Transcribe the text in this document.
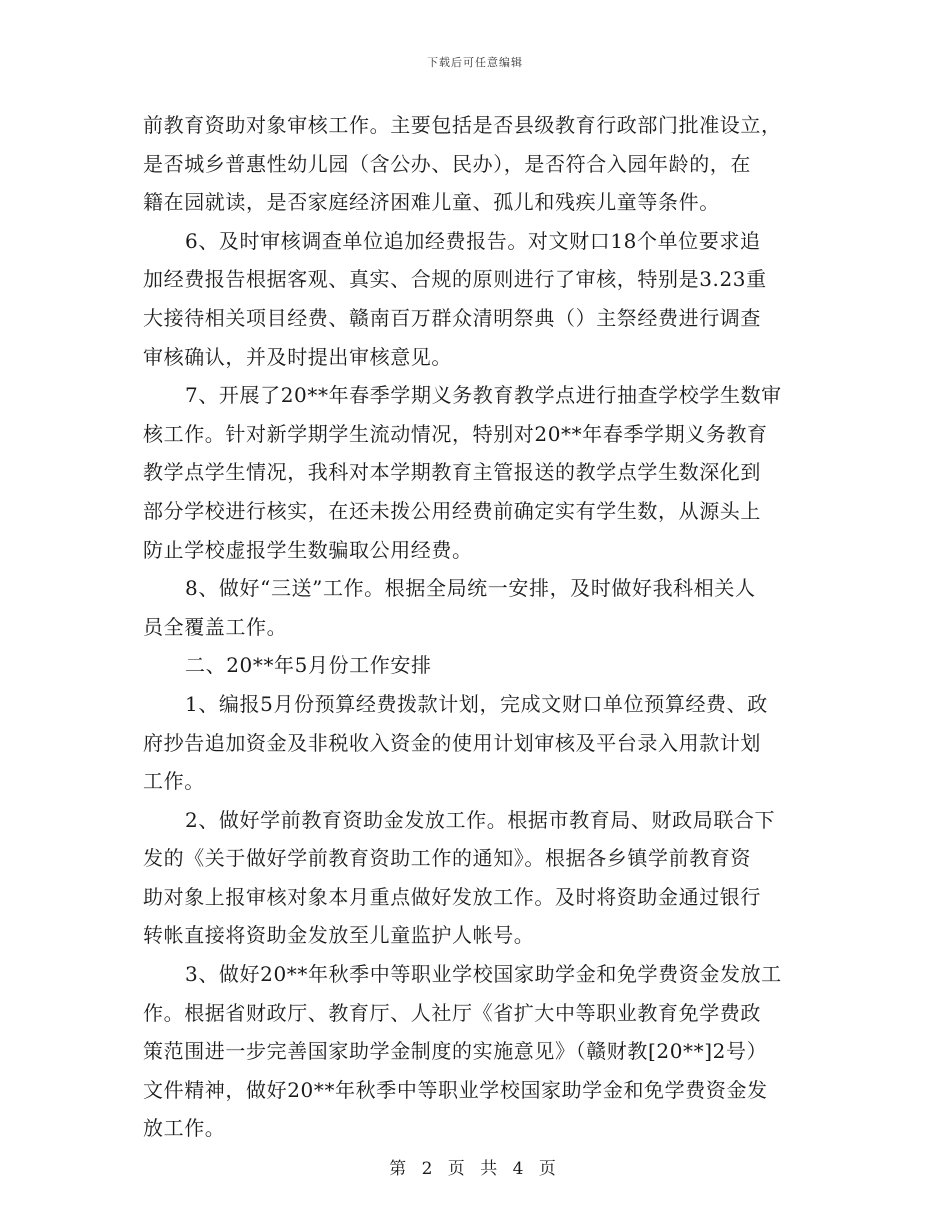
下载后可任意编辑
前教育资助对象审核工作。主要包括是否县级教育行政部门批准设立，
是否城乡普惠性幼儿园（含公办、民办），是否符合入园年龄的，在
籍在园就读，是否家庭经济困难儿童、孤儿和残疾儿童等条件。
6、及时审核调查单位追加经费报告。对文财口18个单位要求追
加经费报告根据客观、真实、合规的原则进行了审核，特别是3.23重
大接待相关项目经费、赣南百万群众清明祭典（）主祭经费进行调查
审核确认，并及时提出审核意见。
7、开展了20**年春季学期义务教育教学点进行抽查学校学生数审
核工作。针对新学期学生流动情况，特别对20**年春季学期义务教育
教学点学生情况，我科对本学期教育主管报送的教学点学生数深化到
部分学校进行核实，在还未拨公用经费前确定实有学生数，从源头上
防止学校虚报学生数骗取公用经费。
8、做好“三送”工作。根据全局统一安排，及时做好我科相关人
员全覆盖工作。
二、20**年5月份工作安排
1、编报5月份预算经费拨款计划，完成文财口单位预算经费、政
府抄告追加资金及非税收入资金的使用计划审核及平台录入用款计划
工作。
2、做好学前教育资助金发放工作。根据市教育局、财政局联合下
发的《关于做好学前教育资助工作的通知》。根据各乡镇学前教育资
助对象上报审核对象本月重点做好发放工作。及时将资助金通过银行
转帐直接将资助金发放至儿童监护人帐号。
3、做好20**年秋季中等职业学校国家助学金和免学费资金发放工
作。根据省财政厅、教育厅、人社厅《省扩大中等职业教育免学费政
策范围进一步完善国家助学金制度的实施意见》（赣财教[20**]2号）
文件精神，做好20**年秋季中等职业学校国家助学金和免学费资金发
放工作。
第 2 页 共 4 页
